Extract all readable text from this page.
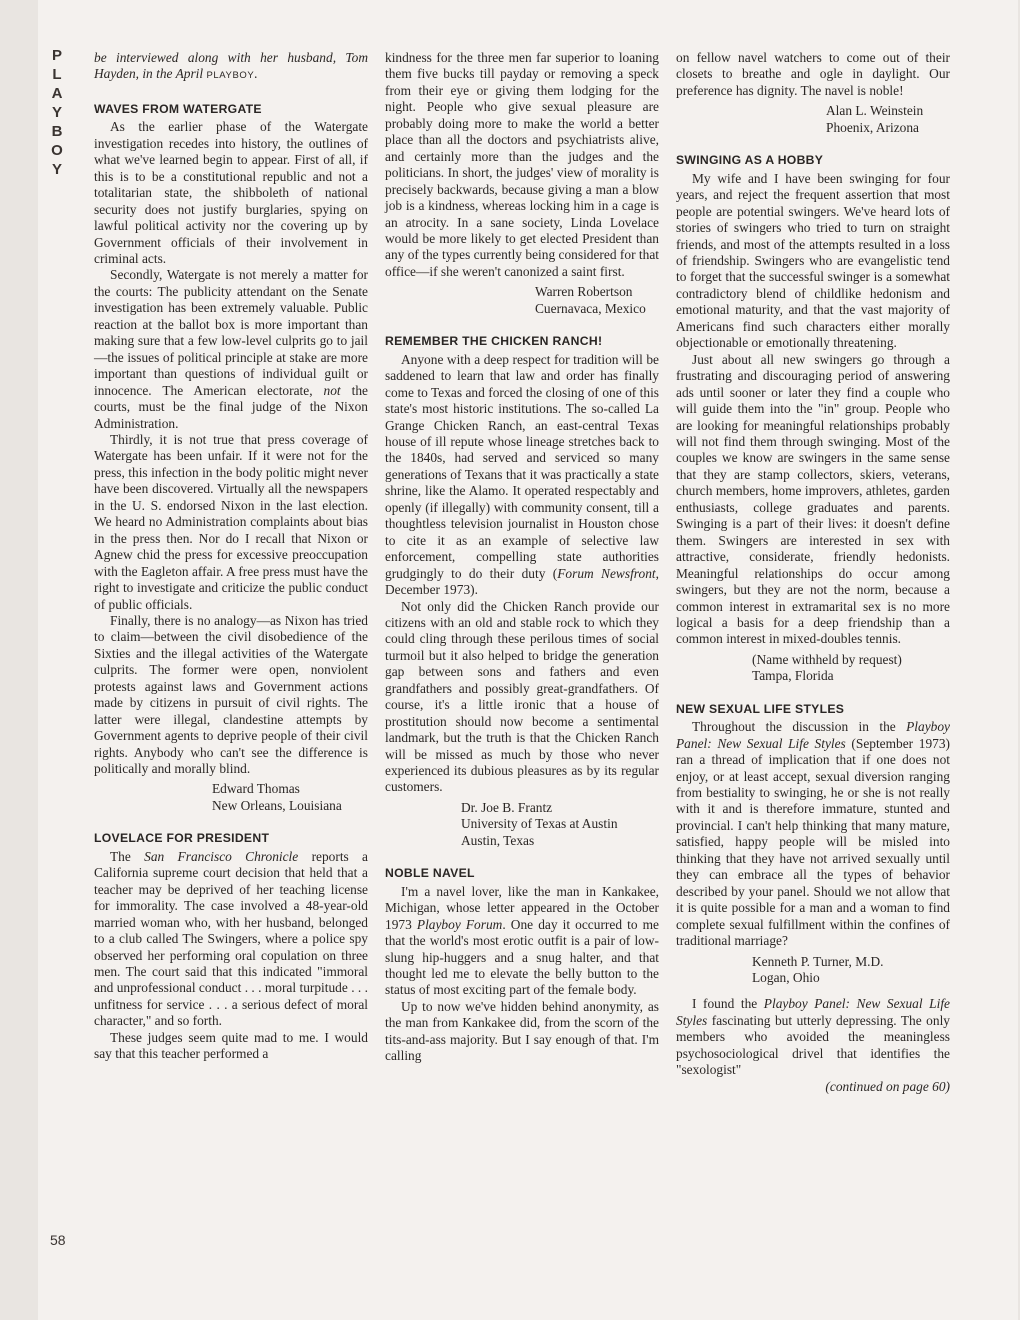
P
L
A
Y
B
O
Y
58

be interviewed along with her husband, Tom Hayden, in the April PLAYBOY.

WAVES FROM WATERGATE

As the earlier phase of the Watergate investigation recedes into history, the outlines of what we've learned begin to appear. First of all, if this is to be a constitutional republic and not a totalitarian state, the shibboleth of national security does not justify burglaries, spying on lawful political activity nor the covering up by Government officials of their involvement in criminal acts.

Secondly, Watergate is not merely a matter for the courts: The publicity attendant on the Senate investigation has been extremely valuable. Public reaction at the ballot box is more important than making sure that a few low-level culprits go to jail—the issues of political principle at stake are more important than questions of individual guilt or innocence. The American electorate, not the courts, must be the final judge of the Nixon Administration.

Thirdly, it is not true that press coverage of Watergate has been unfair. If it were not for the press, this infection in the body politic might never have been discovered. Virtually all the newspapers in the U. S. endorsed Nixon in the last election. We heard no Administration complaints about bias in the press then. Nor do I recall that Nixon or Agnew chid the press for excessive preoccupation with the Eagleton affair. A free press must have the right to investigate and criticize the public conduct of public officials.

Finally, there is no analogy—as Nixon has tried to claim—between the civil disobedience of the Sixties and the illegal activities of the Watergate culprits. The former were open, nonviolent protests against laws and Government actions made by citizens in pursuit of civil rights. The latter were illegal, clandestine attempts by Government agents to deprive people of their civil rights. Anybody who can't see the difference is politically and morally blind.

Edward Thomas
New Orleans, Louisiana
LOVELACE FOR PRESIDENT

The San Francisco Chronicle reports a California supreme court decision that held that a teacher may be deprived of her teaching license for immorality. The case involved a 48-year-old married woman who, with her husband, belonged to a club called The Swingers, where a police spy observed her performing oral copulation on three men. The court said that this indicated "immoral and unprofessional conduct . . . moral turpitude . . . unfitness for service . . . a serious defect of moral character," and so forth.

These judges seem quite mad to me. I would say that this teacher performed a

kindness for the three men far superior to loaning them five bucks till payday or removing a speck from their eye or giving them lodging for the night. People who give sexual pleasure are probably doing more to make the world a better place than all the doctors and psychiatrists alive, and certainly more than the judges and the politicians. In short, the judges' view of morality is precisely backwards, because giving a man a blow job is a kindness, whereas locking him in a cage is an atrocity. In a sane society, Linda Lovelace would be more likely to get elected President than any of the types currently being considered for that office—if she weren't canonized a saint first.

Warren Robertson
Cuernavaca, Mexico
REMEMBER THE CHICKEN RANCH!

Anyone with a deep respect for tradition will be saddened to learn that law and order has finally come to Texas and forced the closing of one of this state's most historic institutions. The so-called La Grange Chicken Ranch, an east-central Texas house of ill repute whose lineage stretches back to the 1840s, had served and serviced so many generations of Texans that it was practically a state shrine, like the Alamo. It operated respectably and openly (if illegally) with community consent, till a thoughtless television journalist in Houston chose to cite it as an example of selective law enforcement, compelling state authorities grudgingly to do their duty (Forum Newsfront, December 1973).

Not only did the Chicken Ranch provide our citizens with an old and stable rock to which they could cling through these perilous times of social turmoil but it also helped to bridge the generation gap between sons and fathers and even grandfathers and possibly great-grandfathers. Of course, it's a little ironic that a house of prostitution should now become a sentimental landmark, but the truth is that the Chicken Ranch will be missed as much by those who never experienced its dubious pleasures as by its regular customers.

Dr. Joe B. Frantz
University of Texas at Austin
Austin, Texas
NOBLE NAVEL

I'm a navel lover, like the man in Kankakee, Michigan, whose letter appeared in the October 1973 Playboy Forum. One day it occurred to me that the world's most erotic outfit is a pair of low-slung hip-huggers and a snug halter, and that thought led me to elevate the belly button to the status of most exciting part of the female body.

Up to now we've hidden behind anonymity, as the man from Kankakee did, from the scorn of the tits-and-ass majority. But I say enough of that. I'm calling

on fellow navel watchers to come out of their closets to breathe and ogle in daylight. Our preference has dignity. The navel is noble!

Alan L. Weinstein
Phoenix, Arizona
SWINGING AS A HOBBY

My wife and I have been swinging for four years, and reject the frequent assertion that most people are potential swingers. We've heard lots of stories of swingers who tried to turn on straight friends, and most of the attempts resulted in a loss of friendship. Swingers who are evangelistic tend to forget that the successful swinger is a somewhat contradictory blend of childlike hedonism and emotional maturity, and that the vast majority of Americans find such characters either morally objectionable or emotionally threatening.

Just about all new swingers go through a frustrating and discouraging period of answering ads until sooner or later they find a couple who will guide them into the "in" group. People who are looking for meaningful relationships probably will not find them through swinging. Most of the couples we know are swingers in the same sense that they are stamp collectors, skiers, veterans, church members, home improvers, athletes, garden enthusiasts, college graduates and parents. Swinging is a part of their lives: it doesn't define them. Swingers are interested in sex with attractive, considerate, friendly hedonists. Meaningful relationships do occur among swingers, but they are not the norm, because a common interest in extramarital sex is no more logical a basis for a deep friendship than a common interest in mixed-doubles tennis.

(Name withheld by request)
Tampa, Florida
NEW SEXUAL LIFE STYLES

Throughout the discussion in the Playboy Panel: New Sexual Life Styles (September 1973) ran a thread of implication that if one does not enjoy, or at least accept, sexual diversion ranging from bestiality to swinging, he or she is not really with it and is therefore immature, stunted and provincial. I can't help thinking that many mature, satisfied, happy people will be misled into thinking that they have not arrived sexually until they can embrace all the types of behavior described by your panel. Should we not allow that it is quite possible for a man and a woman to find complete sexual fulfillment within the confines of traditional marriage?

Kenneth P. Turner, M.D.
Logan, Ohio

I found the Playboy Panel: New Sexual Life Styles fascinating but utterly depressing. The only members who avoided the meaningless psychosociological drivel that identifies the "sexologist"

(continued on page 60)
